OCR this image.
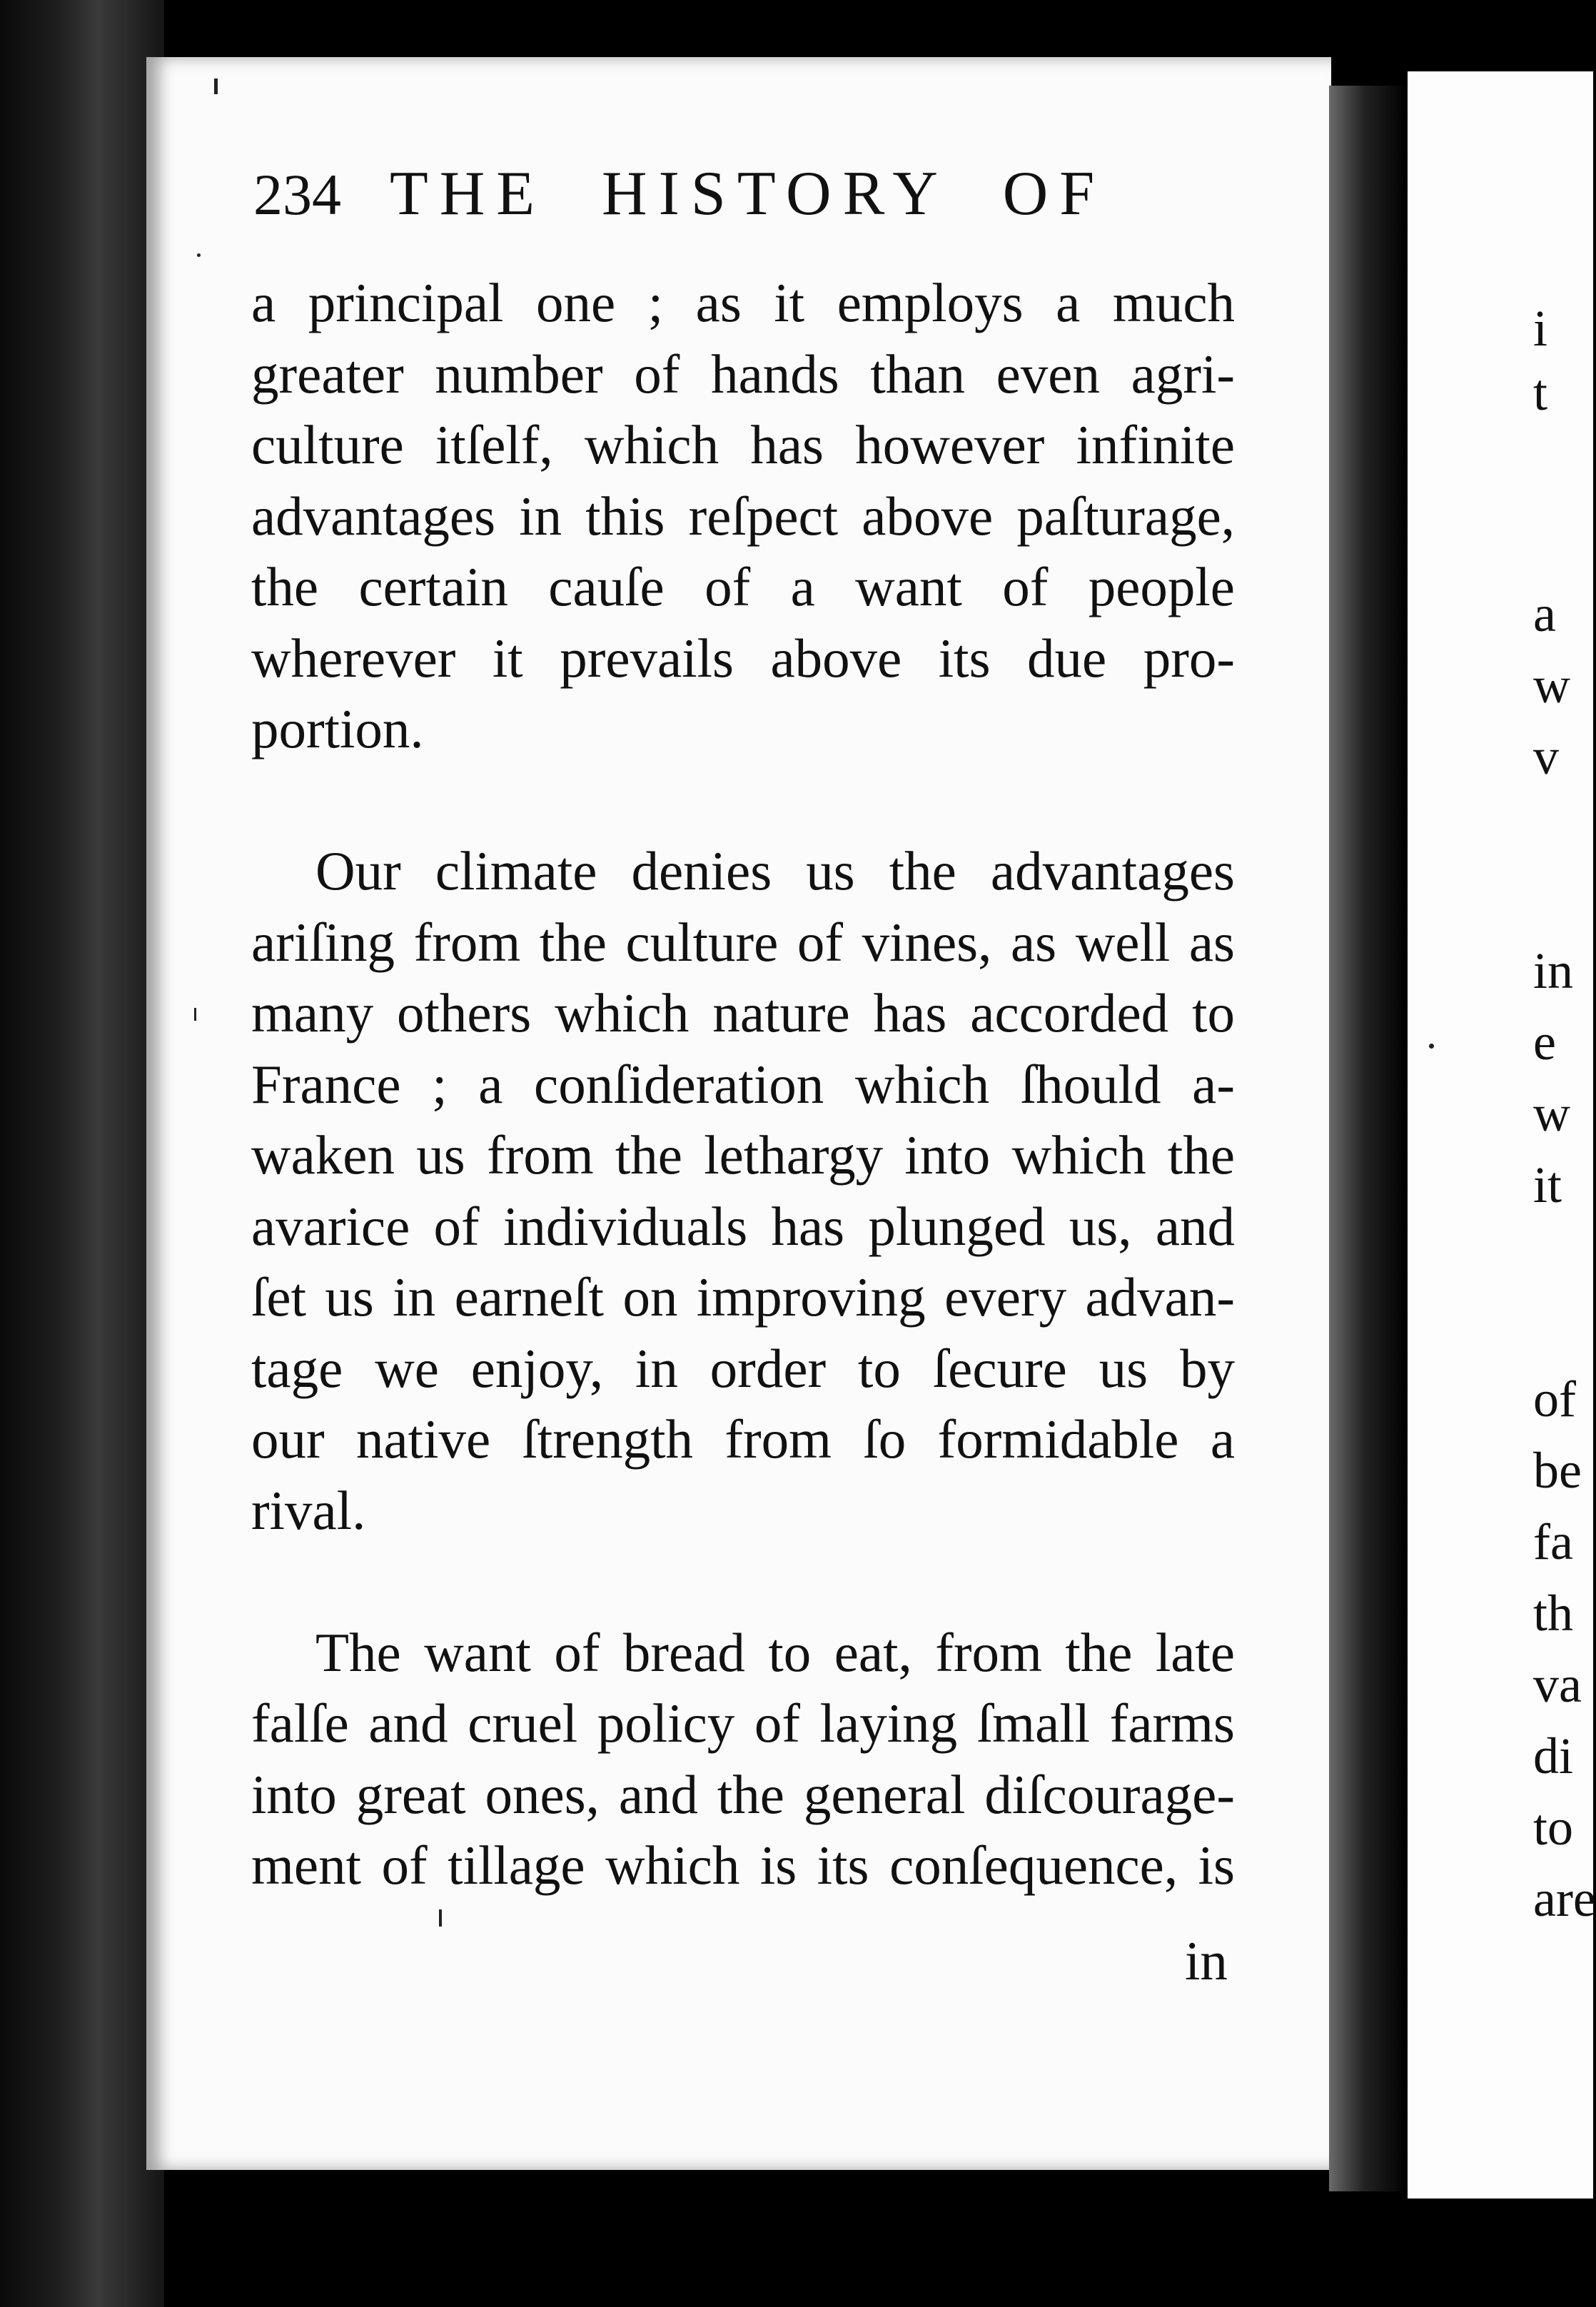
234 THE HISTORY OF
a principal one ; as it employs a much
greater number of hands than even agri-
culture itſelf, which has however infinite
advantages in this reſpect above paſturage,
the certain cauſe of a want of people
wherever it prevails above its due pro-
portion.
Our climate denies us the advantages
ariſing from the culture of vines, as well as
many others which nature has accorded to
France ; a conſideration which ſhould a-
waken us from the lethargy into which the
avarice of individuals has plunged us, and
ſet us in earneſt on improving every advan-
tage we enjoy, in order to ſecure us by
our native ſtrength from ſo formidable a
rival.
The want of bread to eat, from the late
falſe and cruel policy of laying ſmall farms
into great ones, and the general diſcourage-
ment of tillage which is its conſequence, is
in
i
t
a
w
v
in
e
w
it
of
be
fa
th
va
di
to
are
